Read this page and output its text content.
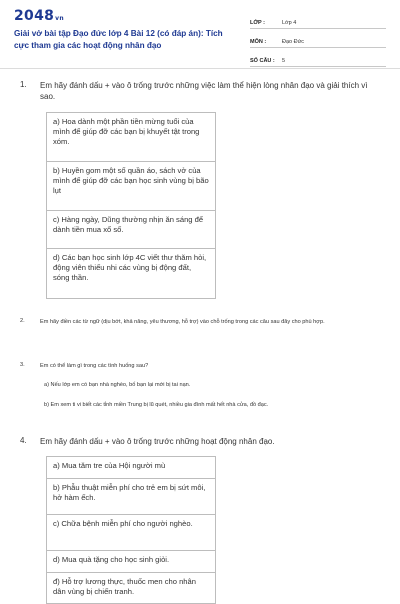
2048vn
Giải vở bài tập Đạo đức lớp 4 Bài 12 (có đáp án): Tích cực tham gia các hoạt động nhân đạo
LỚP :	Lớp 4
MÔN :	Đạo Đức
SỐ CÂU :	5
1. Em hãy đánh dấu + vào ô trống trước những việc làm thể hiện lòng nhân đạo và giải thích vì sao.
a) Hoa dành một phần tiền mừng tuổi của mình để giúp đỡ các bạn bị khuyết tật trong xóm.
b) Huyền gom một số quần áo, sách vở của mình để giúp đỡ các bạn học sinh vùng bị bão lụt
c) Hàng ngày, Dũng thường nhịn ăn sáng để dành tiền mua xổ số.
d) Các bạn học sinh lớp 4C viết thư thăm hỏi, động viên thiếu nhi các vùng bị động đất, sóng thần.
2.	Em hãy điền các từ ngữ (dịu bớt, khả năng, yêu thương, hỗ trợ) vào chỗ trống trong các câu sau đây cho phù hợp.
3.	Em có thể làm gì trong các tình huống sau?
a) Nếu lớp em có bạn nhà nghèo, bố bạn lại mới bị tai nạn.
b) Em xem ti vi biết các tỉnh miền Trung bị lũ quét, nhiều gia đình mất hết nhà cửa, đồ đạc.
4. Em hãy đánh dấu + vào ô trống trước những hoạt động nhân đạo.
a) Mua tăm tre của Hội người mù
b) Phẫu thuật miễn phí cho trẻ em bị sứt môi, hở hàm ếch.
c) Chữa bệnh miễn phí cho người nghèo.
d) Mua quà tặng cho học sinh giỏi.
đ) Hỗ trợ lương thực, thuốc men cho nhân dân vùng bị chiến tranh.
